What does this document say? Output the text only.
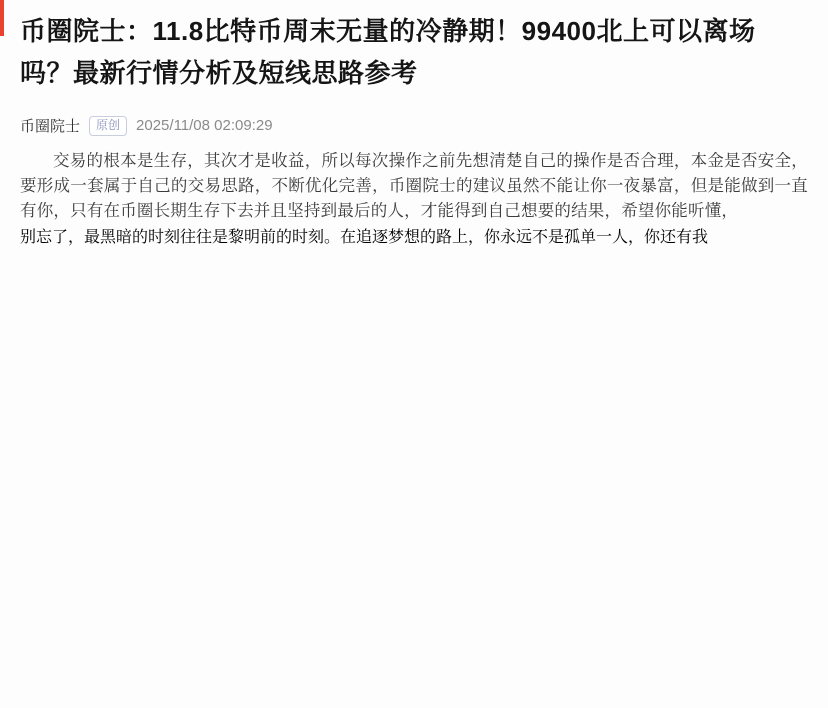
币圈院士：11.8比特币周末无量的冷静期！99400北上可以离场吗？最新行情分析及短线思路参考
币圈院士	原创	2025/11/08 02:09:29

交易的根本是生存，其次才是收益，所以每次操作之前先想清楚自己的操作是否合理，本金是否安全，要形成一套属于自己的交易思路，不断优化完善，币圈院士的建议虽然不能让你一夜暴富，但是能做到一直有你，只有在币圈长期生存下去并且坚持到最后的人，才能得到自己想要的结果，希望你能听懂，

别忘了，最黑暗的时刻往往是黎明前的时刻。在追逐梦想的路上，你永远不是孤单一人，你还有我
